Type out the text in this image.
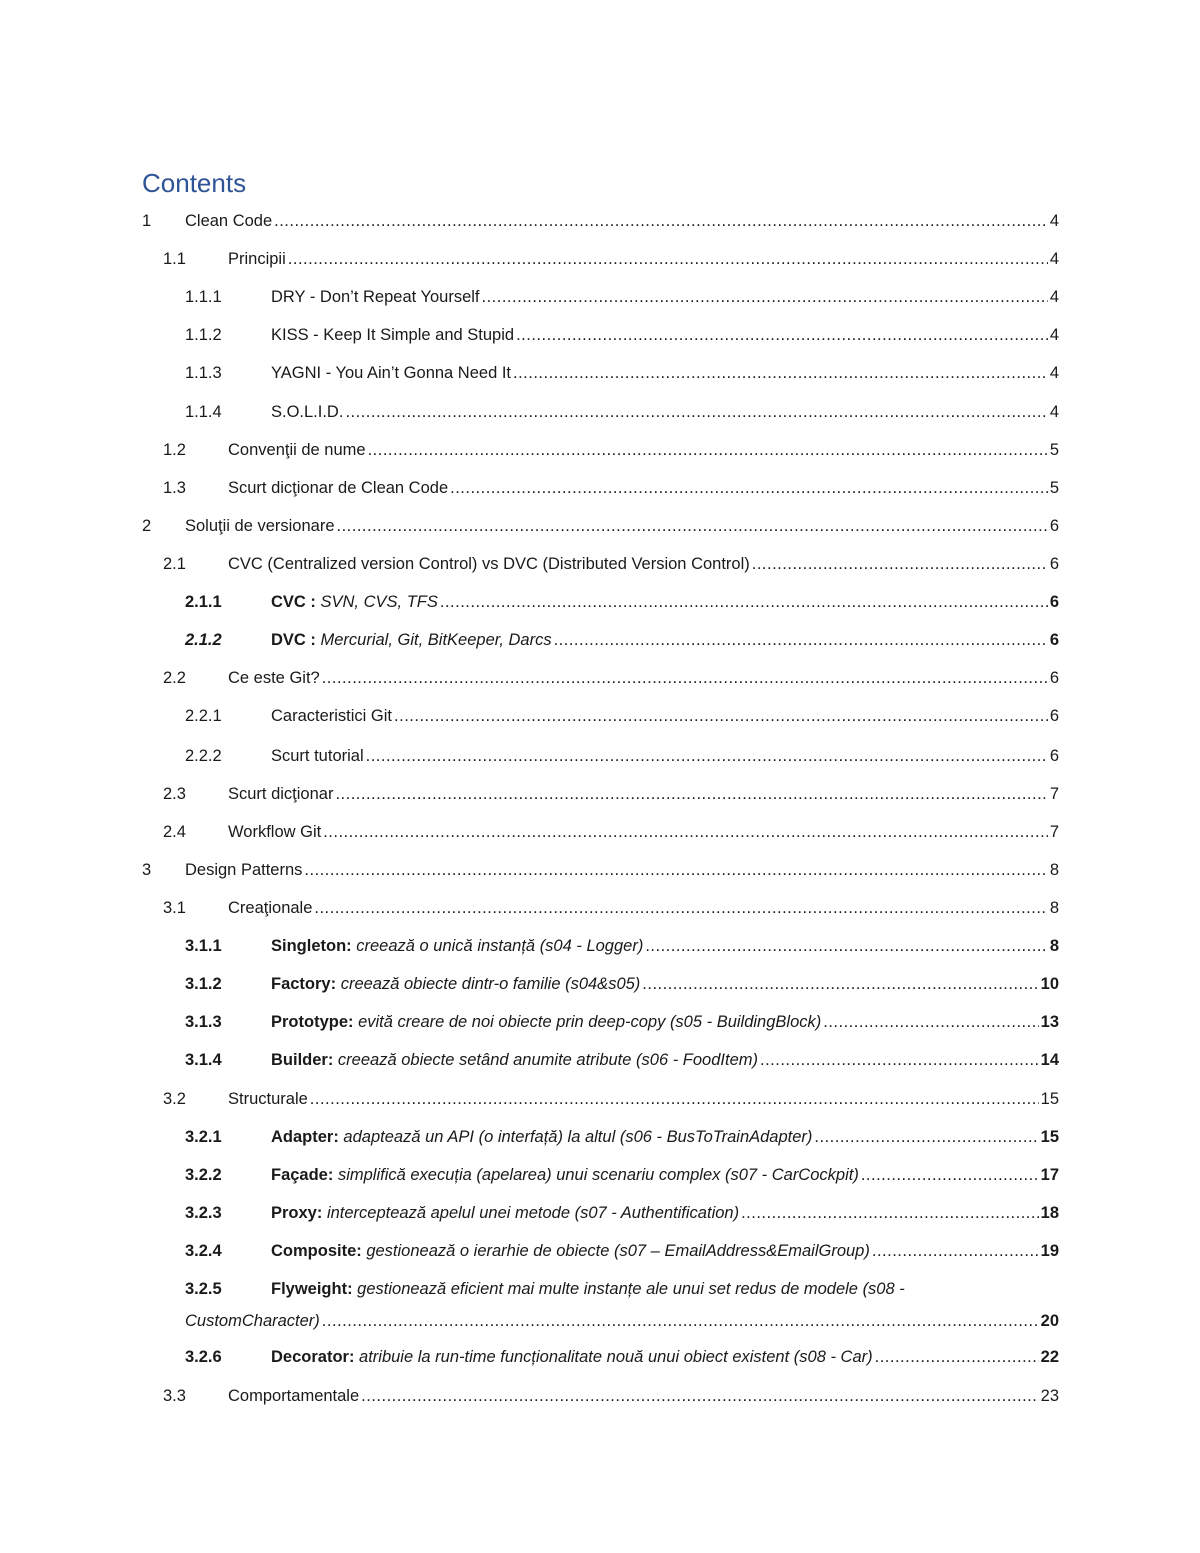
Contents
1 Clean Code .....	4
1.1	Principii .....	4
1.1.1	DRY - Don’t Repeat Yourself .....	4
1.1.2	KISS - Keep It Simple and Stupid .....	4
1.1.3	YAGNI - You Ain’t Gonna Need It .....	4
1.1.4	S.O.L.I.D. .....	4
1.2	Convenţii de nume .....	5
1.3	Scurt dicţionar de Clean Code .....	5
2 Soluţii de versionare .....	6
2.1	CVC (Centralized version Control) vs DVC (Distributed Version Control) .....	6
2.1.1	CVC : SVN, CVS, TFS .....	6
2.1.2	DVC : Mercurial, Git, BitKeeper, Darcs .....	6
2.2	Ce este Git? .....	6
2.2.1	Caracteristici Git .....	6
2.2.2	Scurt tutorial .....	6
2.3	Scurt dicţionar .....	7
2.4	Workflow Git .....	7
3 Design Patterns .....	8
3.1	Creaţionale .....	8
3.1.1	Singleton: creează o unică instanță (s04 - Logger) .....	8
3.1.2	Factory: creează obiecte dintr-o familie (s04&s05) .....	10
3.1.3	Prototype: evită creare de noi obiecte prin deep-copy (s05 - BuildingBlock) .....	13
3.1.4	Builder: creează obiecte setând anumite atribute (s06 - FoodItem) .....	14
3.2	Structurale .....	15
3.2.1	Adapter: adaptează un API (o interfață) la altul (s06 - BusToTrainAdapter) .....	15
3.2.2	Façade: simplifică execuția (apelarea) unui scenariu complex (s07 - CarCockpit) .....	17
3.2.3	Proxy: interceptează apelul unei metode (s07 - Authentification) .....	18
3.2.4	Composite: gestionează o ierarhie de obiecte (s07 – EmailAddress&EmailGroup) .....	19
3.2.5	Flyweight: gestionează eficient mai multe instanțe ale unui set redus de modele (s08 -
CustomCharacter) .....	20
3.2.6	Decorator: atribuie la run-time funcționalitate nouă unui obiect existent (s08 - Car) .....	22
3.3	Comportamentale .....	23
